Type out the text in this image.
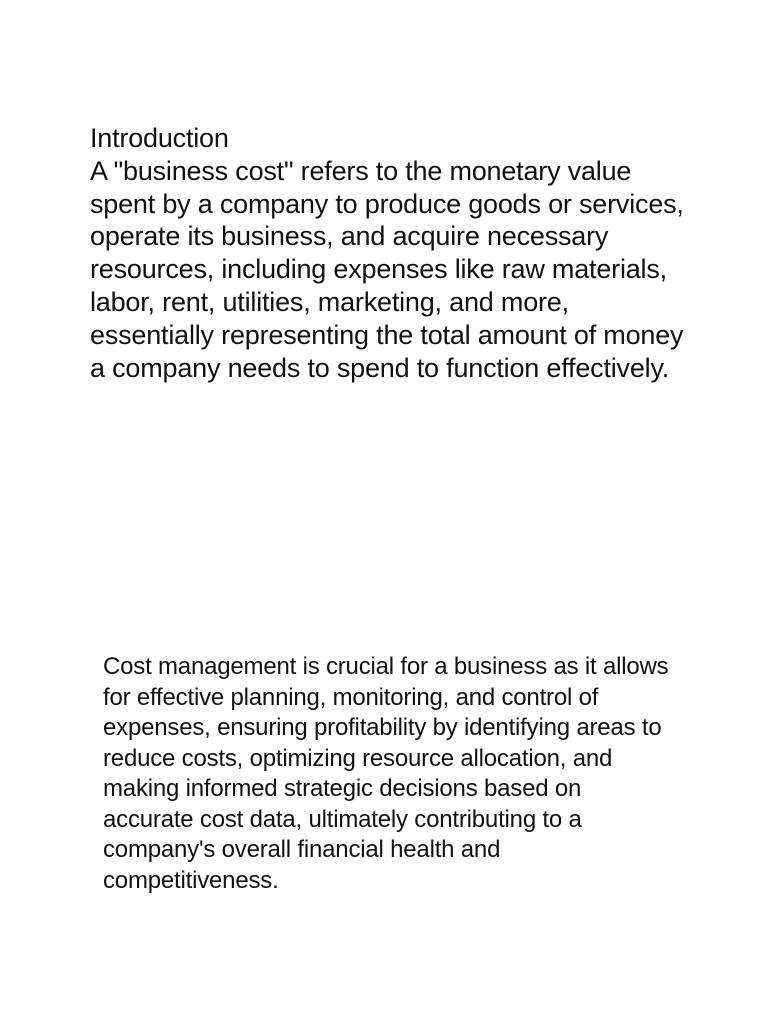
Introduction
A "business cost" refers to the monetary value spent by a company to produce goods or services, operate its business, and acquire necessary resources, including expenses like raw materials, labor, rent, utilities, marketing, and more, essentially representing the total amount of money a company needs to spend to function effectively.

Cost management is crucial for a business as it allows for effective planning, monitoring, and control of expenses, ensuring profitability by identifying areas to reduce costs, optimizing resource allocation, and making informed strategic decisions based on accurate cost data, ultimately contributing to a company's overall financial health and competitiveness.
